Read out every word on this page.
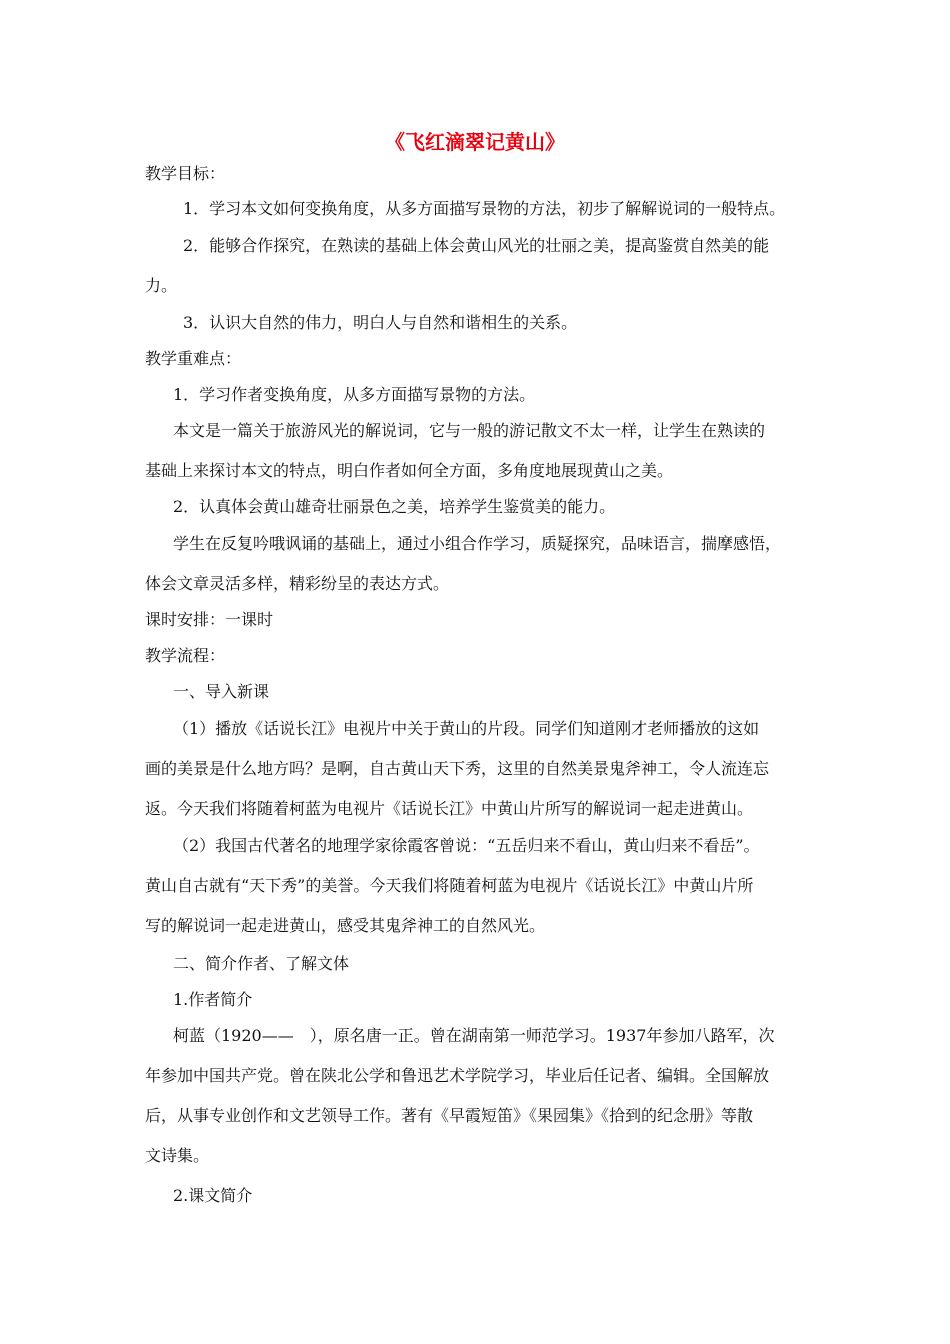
《飞红滴翠记黄山》
教学目标：
1．学习本文如何变换角度，从多方面描写景物的方法，初步了解解说词的一般特点。
2．能够合作探究，在熟读的基础上体会黄山风光的壮丽之美，提高鉴赏自然美的能
力。
3．认识大自然的伟力，明白人与自然和谐相生的关系。
教学重难点：
1．学习作者变换角度，从多方面描写景物的方法。
本文是一篇关于旅游风光的解说词，它与一般的游记散文不太一样，让学生在熟读的
基础上来探讨本文的特点，明白作者如何全方面，多角度地展现黄山之美。
2．认真体会黄山雄奇壮丽景色之美，培养学生鉴赏美的能力。
学生在反复吟哦讽诵的基础上，通过小组合作学习，质疑探究，品味语言，揣摩感悟，
体会文章灵活多样，精彩纷呈的表达方式。
课时安排：一课时
教学流程：
一、导入新课
（1）播放《话说长江》电视片中关于黄山的片段。同学们知道刚才老师播放的这如
画的美景是什么地方吗？是啊，自古黄山天下秀，这里的自然美景鬼斧神工，令人流连忘
返。今天我们将随着柯蓝为电视片《话说长江》中黄山片所写的解说词一起走进黄山。
（2）我国古代著名的地理学家徐霞客曾说：“五岳归来不看山，黄山归来不看岳”。
黄山自古就有“天下秀”的美誉。今天我们将随着柯蓝为电视片《话说长江》中黄山片所
写的解说词一起走进黄山，感受其鬼斧神工的自然风光。
二、简介作者、了解文体
1.作者简介
柯蓝（1920——　），原名唐一正。曾在湖南第一师范学习。1937年参加八路军，次
年参加中国共产党。曾在陕北公学和鲁迅艺术学院学习，毕业后任记者、编辑。全国解放
后，从事专业创作和文艺领导工作。著有《早霞短笛》《果园集》《拾到的纪念册》等散
文诗集。
2.课文简介
